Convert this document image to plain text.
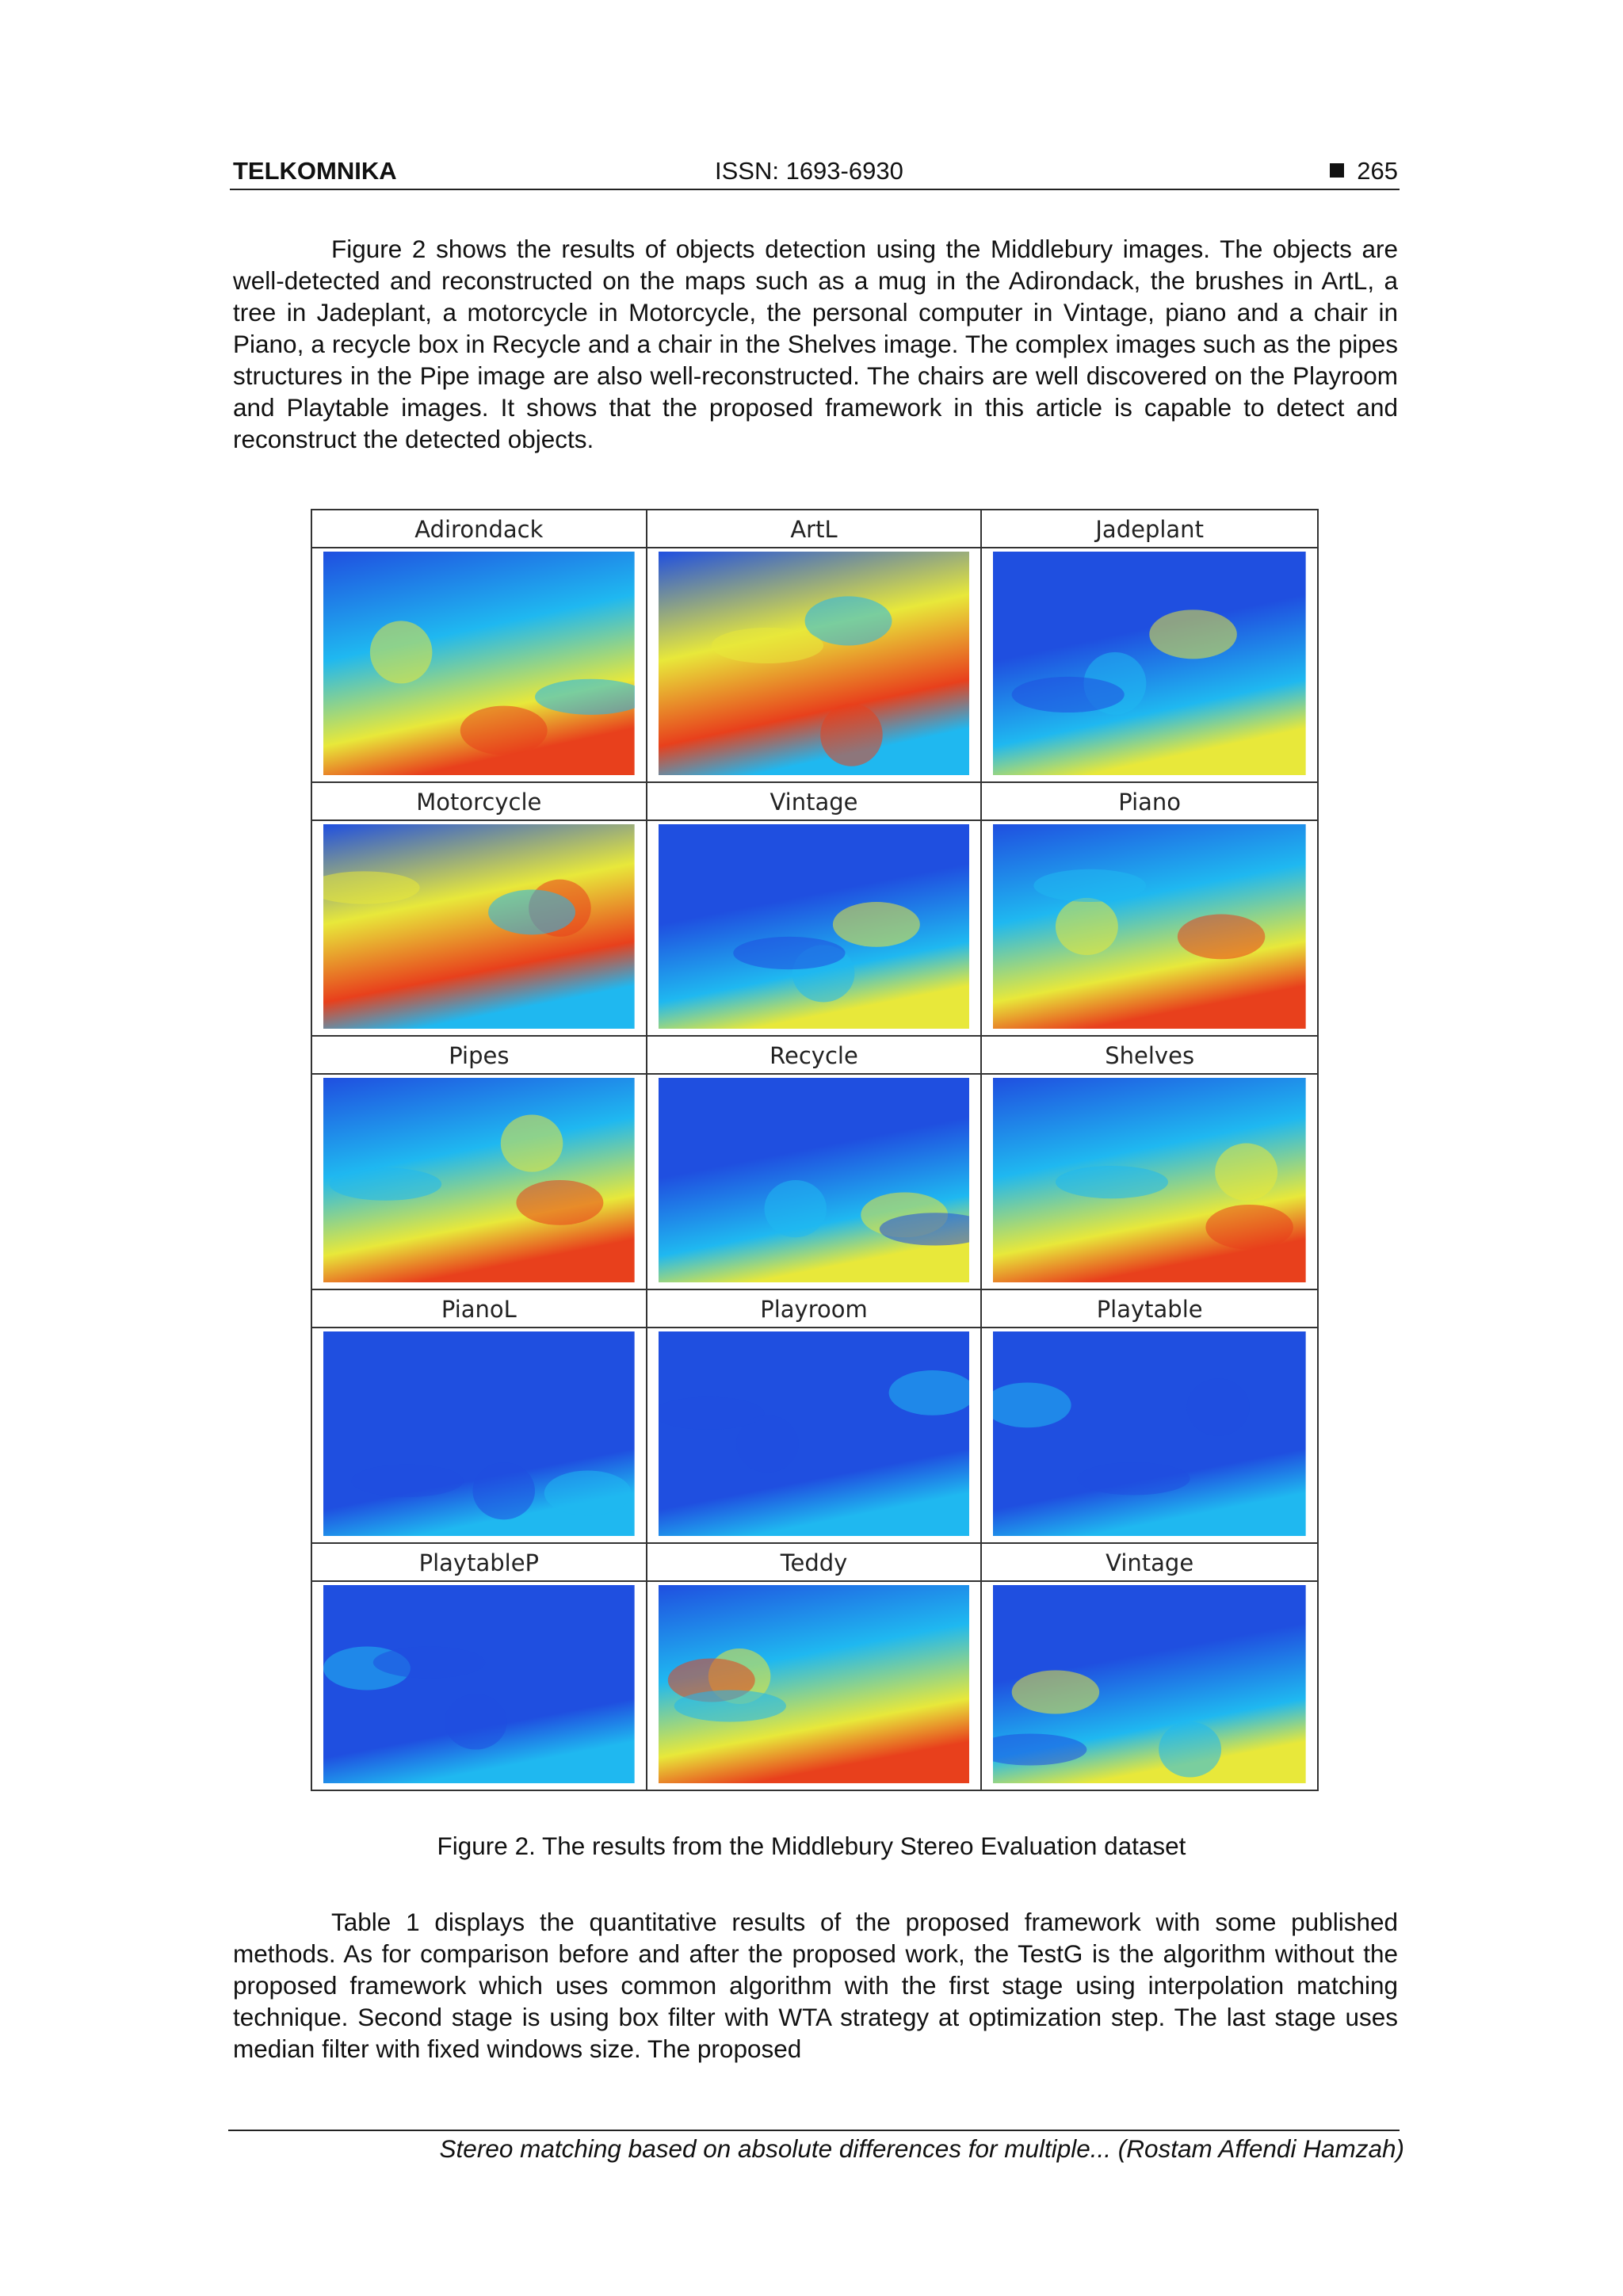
TELKOMNIKA	ISSN: 1693-6930	265

Figure 2 shows the results of objects detection using the Middlebury images. The objects are well-detected and reconstructed on the maps such as a mug in the Adirondack, the brushes in ArtL, a tree in Jadeplant, a motorcycle in Motorcycle, the personal computer in Vintage, piano and a chair in Piano, a recycle box in Recycle and a chair in the Shelves image. The complex images such as the pipes structures in the Pipe image are also well-reconstructed. The chairs are well discovered on the Playroom and Playtable images. It shows that the proposed framework in this article is capable to detect and reconstruct the detected objects.

Adirondack	ArtL	Jadeplant
Motorcycle	Vintage	Piano
Pipes	Recycle	Shelves
PianoL	Playroom	Playtable
PlaytableP	Teddy	Vintage
Figure 2. The results from the Middlebury Stereo Evaluation dataset

Table 1 displays the quantitative results of the proposed framework with some published methods. As for comparison before and after the proposed work, the TestG is the algorithm without the proposed framework which uses common algorithm with the first stage using interpolation matching technique. Second stage is using box filter with WTA strategy at optimization step. The last stage uses median filter with fixed windows size. The proposed

Stereo matching based on absolute differences for multiple... (Rostam Affendi Hamzah)
